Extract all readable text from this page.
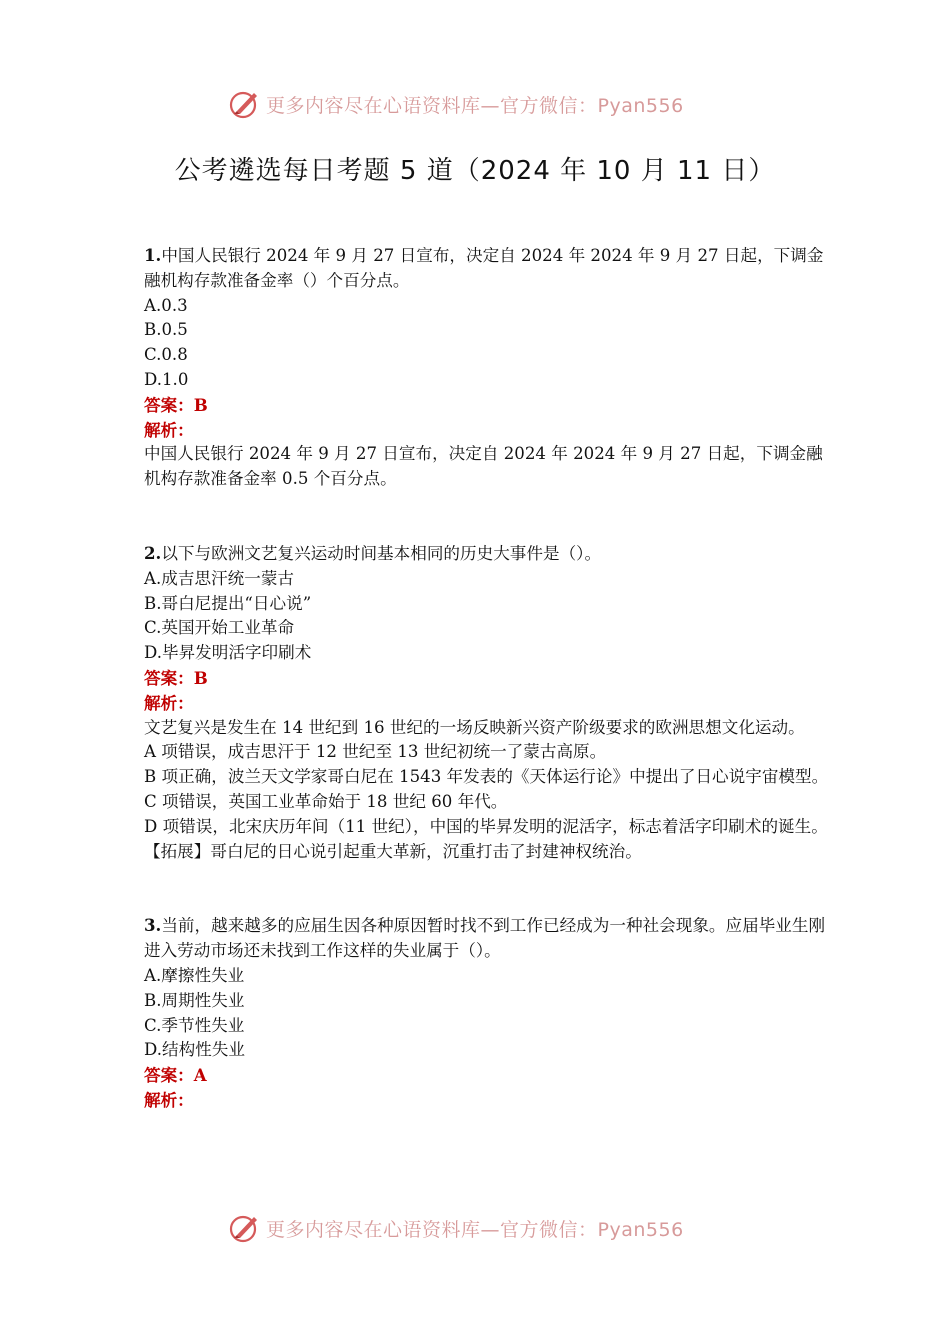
更多内容尽在心语资料库—官方微信：Pyan556
公考遴选每日考题 5 道（2024 年 10 月 11 日）
1.中国人民银行 2024 年 9 月 27 日宣布，决定自 2024 年 2024 年 9 月 27 日起，下调金融机构存款准备金率（）个百分点。
A.0.3
B.0.5
C.0.8
D.1.0
答案：B
解析：
中国人民银行 2024 年 9 月 27 日宣布，决定自 2024 年 2024 年 9 月 27 日起，下调金融机构存款准备金率 0.5 个百分点。
2.以下与欧洲文艺复兴运动时间基本相同的历史大事件是（）。
A.成吉思汗统一蒙古
B.哥白尼提出“日心说”
C.英国开始工业革命
D.毕昇发明活字印刷术
答案：B
解析：
文艺复兴是发生在 14 世纪到 16 世纪的一场反映新兴资产阶级要求的欧洲思想文化运动。
A 项错误，成吉思汗于 12 世纪至 13 世纪初统一了蒙古高原。
B 项正确，波兰天文学家哥白尼在 1543 年发表的《天体运行论》中提出了日心说宇宙模型。
C 项错误，英国工业革命始于 18 世纪 60 年代。
D 项错误，北宋庆历年间（11 世纪），中国的毕昇发明的泥活字，标志着活字印刷术的诞生。
【拓展】哥白尼的日心说引起重大革新，沉重打击了封建神权统治。
3.当前，越来越多的应届生因各种原因暂时找不到工作已经成为一种社会现象。应届毕业生刚进入劳动市场还未找到工作这样的失业属于（）。
A.摩擦性失业
B.周期性失业
C.季节性失业
D.结构性失业
答案：A
解析：
更多内容尽在心语资料库—官方微信：Pyan556
